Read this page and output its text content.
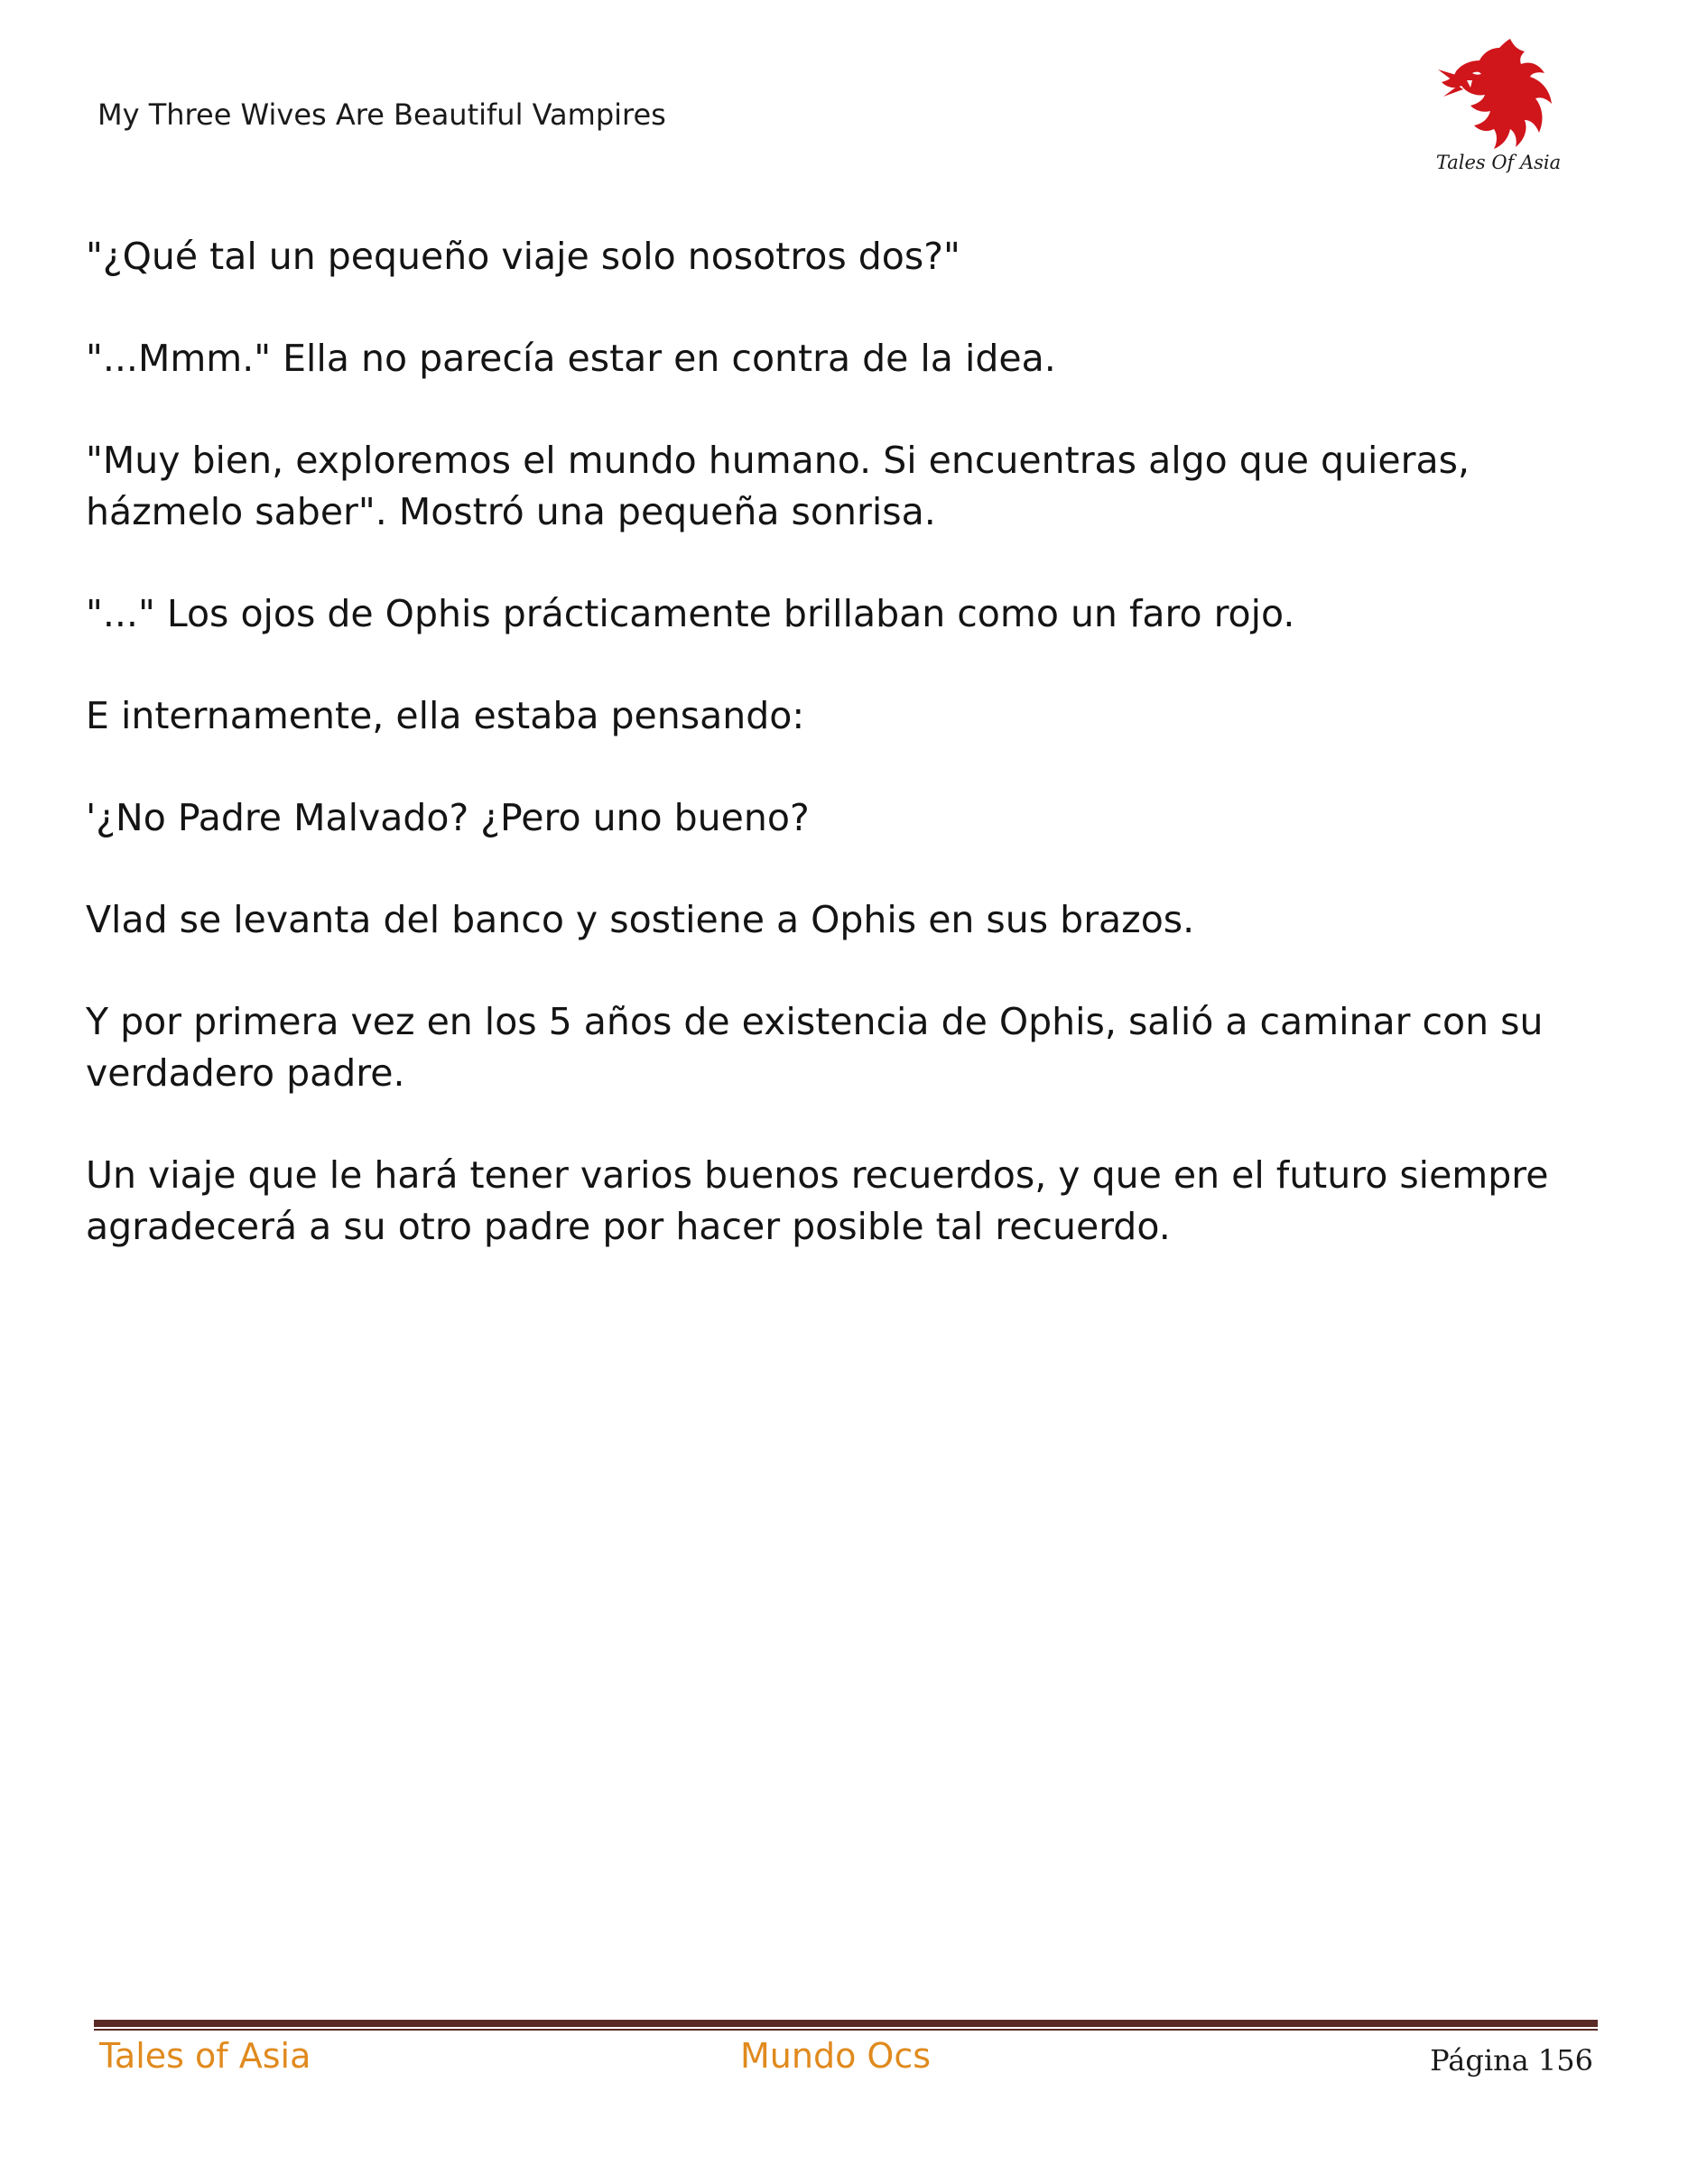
My Three Wives Are Beautiful Vampires
Tales Of Asia

"¿Qué tal un pequeño viaje solo nosotros dos?"

"...Mmm." Ella no parecía estar en contra de la idea.

"Muy bien, exploremos el mundo humano. Si encuentras algo que quieras, házmelo saber". Mostró una pequeña sonrisa.

"..." Los ojos de Ophis prácticamente brillaban como un faro rojo.

E internamente, ella estaba pensando:

'¿No Padre Malvado? ¿Pero uno bueno?

Vlad se levanta del banco y sostiene a Ophis en sus brazos.

Y por primera vez en los 5 años de existencia de Ophis, salió a caminar con su verdadero padre.

Un viaje que le hará tener varios buenos recuerdos, y que en el futuro siempre agradecerá a su otro padre por hacer posible tal recuerdo.

Tales of Asia	Mundo Ocs	Página 156
